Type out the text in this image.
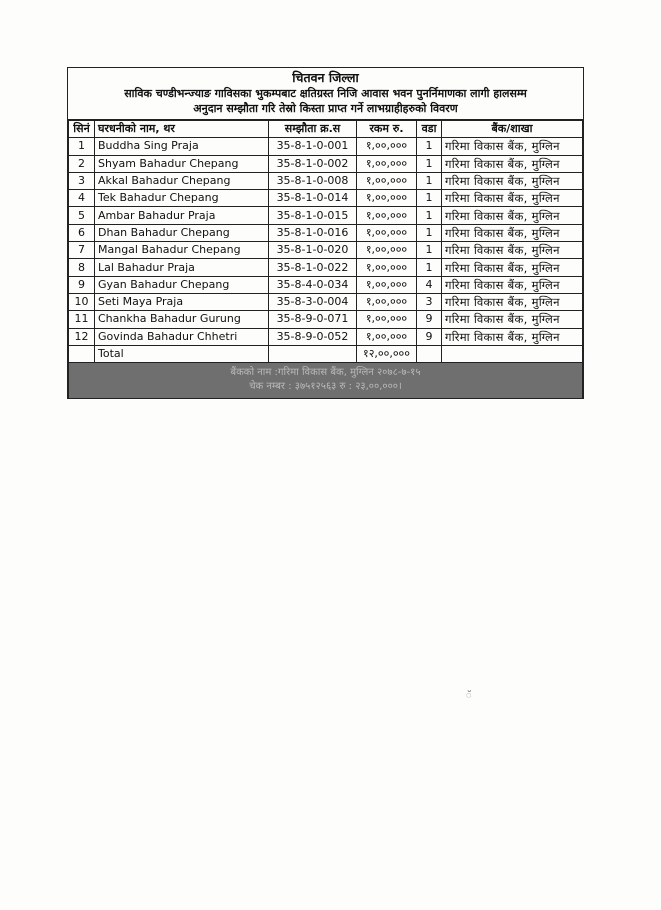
चितवन जिल्ला
साविक चण्डीभन्ज्याङ गाविसका भुकम्पबाट क्षतिग्रस्त निजि आवास भवन पुनर्निमाणका लागी हालसम्म
अनुदान सम्झौता गरि तेस्रो किस्ता प्राप्त गर्ने लाभग्राहीहरुको विवरण
सिनं	घरधनीको नाम, थर	सम्झौता क्र.स	रकम रु.	वडा	बैंक/शाखा
1	Buddha Sing Praja	35-8-1-0-001	१,००,०००	1	गरिमा विकास बैंक, मुग्लिन
2	Shyam Bahadur Chepang	35-8-1-0-002	१,००,०००	1	गरिमा विकास बैंक, मुग्लिन
3	Akkal Bahadur Chepang	35-8-1-0-008	१,००,०००	1	गरिमा विकास बैंक, मुग्लिन
4	Tek Bahadur Chepang	35-8-1-0-014	१,००,०००	1	गरिमा विकास बैंक, मुग्लिन
5	Ambar Bahadur Praja	35-8-1-0-015	१,००,०००	1	गरिमा विकास बैंक, मुग्लिन
6	Dhan Bahadur Chepang	35-8-1-0-016	१,००,०००	1	गरिमा विकास बैंक, मुग्लिन
7	Mangal Bahadur Chepang	35-8-1-0-020	१,००,०००	1	गरिमा विकास बैंक, मुग्लिन
8	Lal Bahadur Praja	35-8-1-0-022	१,००,०००	1	गरिमा विकास बैंक, मुग्लिन
9	Gyan Bahadur Chepang	35-8-4-0-034	१,००,०००	4	गरिमा विकास बैंक, मुग्लिन
10	Seti Maya Praja	35-8-3-0-004	१,००,०००	3	गरिमा विकास बैंक, मुग्लिन
11	Chankha Bahadur Gurung	35-8-9-0-071	१,००,०००	9	गरिमा विकास बैंक, मुग्लिन
12	Govinda Bahadur Chhetri	35-8-9-0-052	१,००,०००	9	गरिमा विकास बैंक, मुग्लिन
	Total		१२,००,०००		
बैंकको नाम :गरिमा विकास बैंक, मुग्लिन २०७८-७-१५
चेक नम्बर : ३७५१२५६३ रु : २३,००,०००।
ॅ
